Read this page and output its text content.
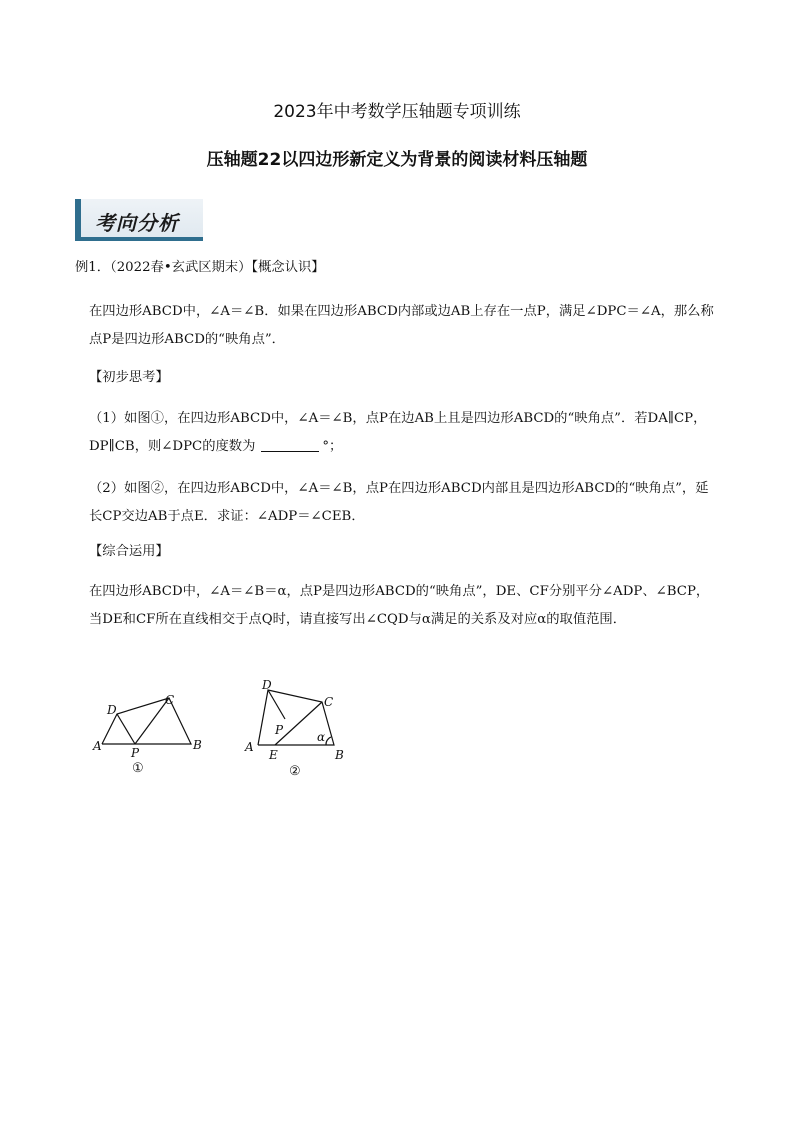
2023年中考数学压轴题专项训练
压轴题22以四边形新定义为背景的阅读材料压轴题
考向分析
例1．（2022春•玄武区期末）【概念认识】
在四边形ABCD中，∠A＝∠B．如果在四边形ABCD内部或边AB上存在一点P，满足∠DPC＝∠A，那么称点P是四边形ABCD的“映角点”．
【初步思考】
（1）如图①，在四边形ABCD中，∠A＝∠B，点P在边AB上且是四边形ABCD的“映角点”．若DA∥CP，DP∥CB，则∠DPC的度数为	°；
（2）如图②，在四边形ABCD中，∠A＝∠B，点P在四边形ABCD内部且是四边形ABCD的“映角点”，延长CP交边AB于点E．求证：∠ADP＝∠CEB．
【综合运用】
在四边形ABCD中，∠A＝∠B＝α，点P是四边形ABCD的“映角点”，DE、CF分别平分∠ADP、∠BCP，当DE和CF所在直线相交于点Q时，请直接写出∠CQD与α满足的关系及对应α的取值范围．
A	B
C
D
P
①
A
B
C
D
P
E
α
②
